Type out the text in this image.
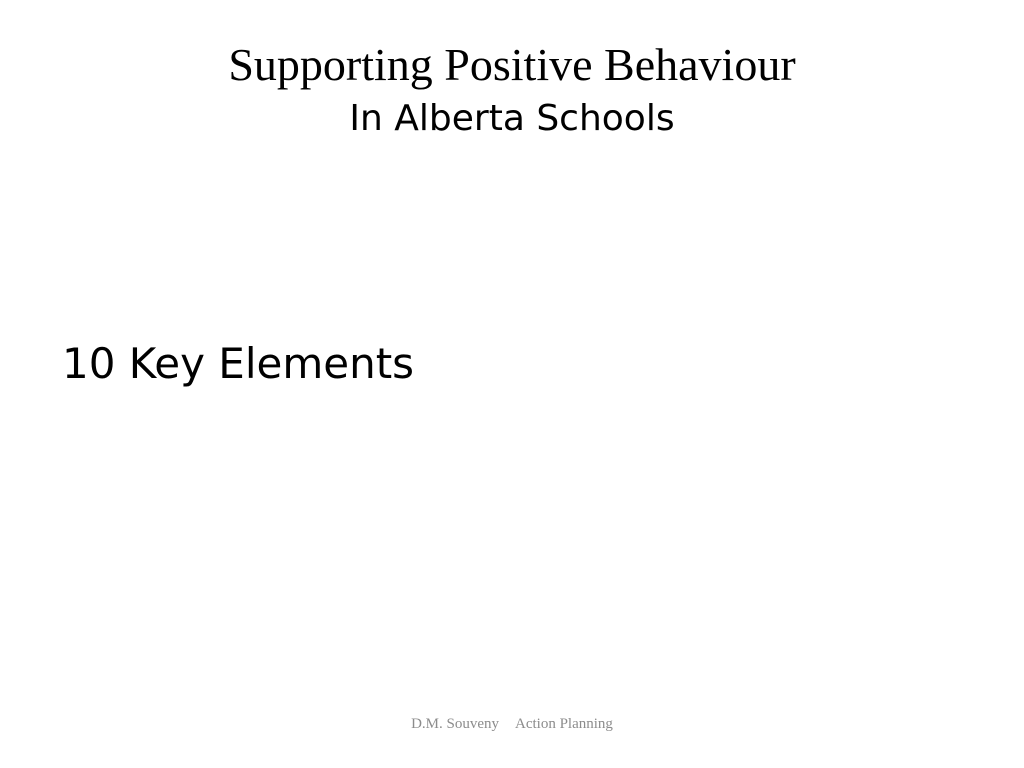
Supporting Positive Behaviour
In Alberta Schools

10 Key Elements

D.M. Souveny Action Planning
